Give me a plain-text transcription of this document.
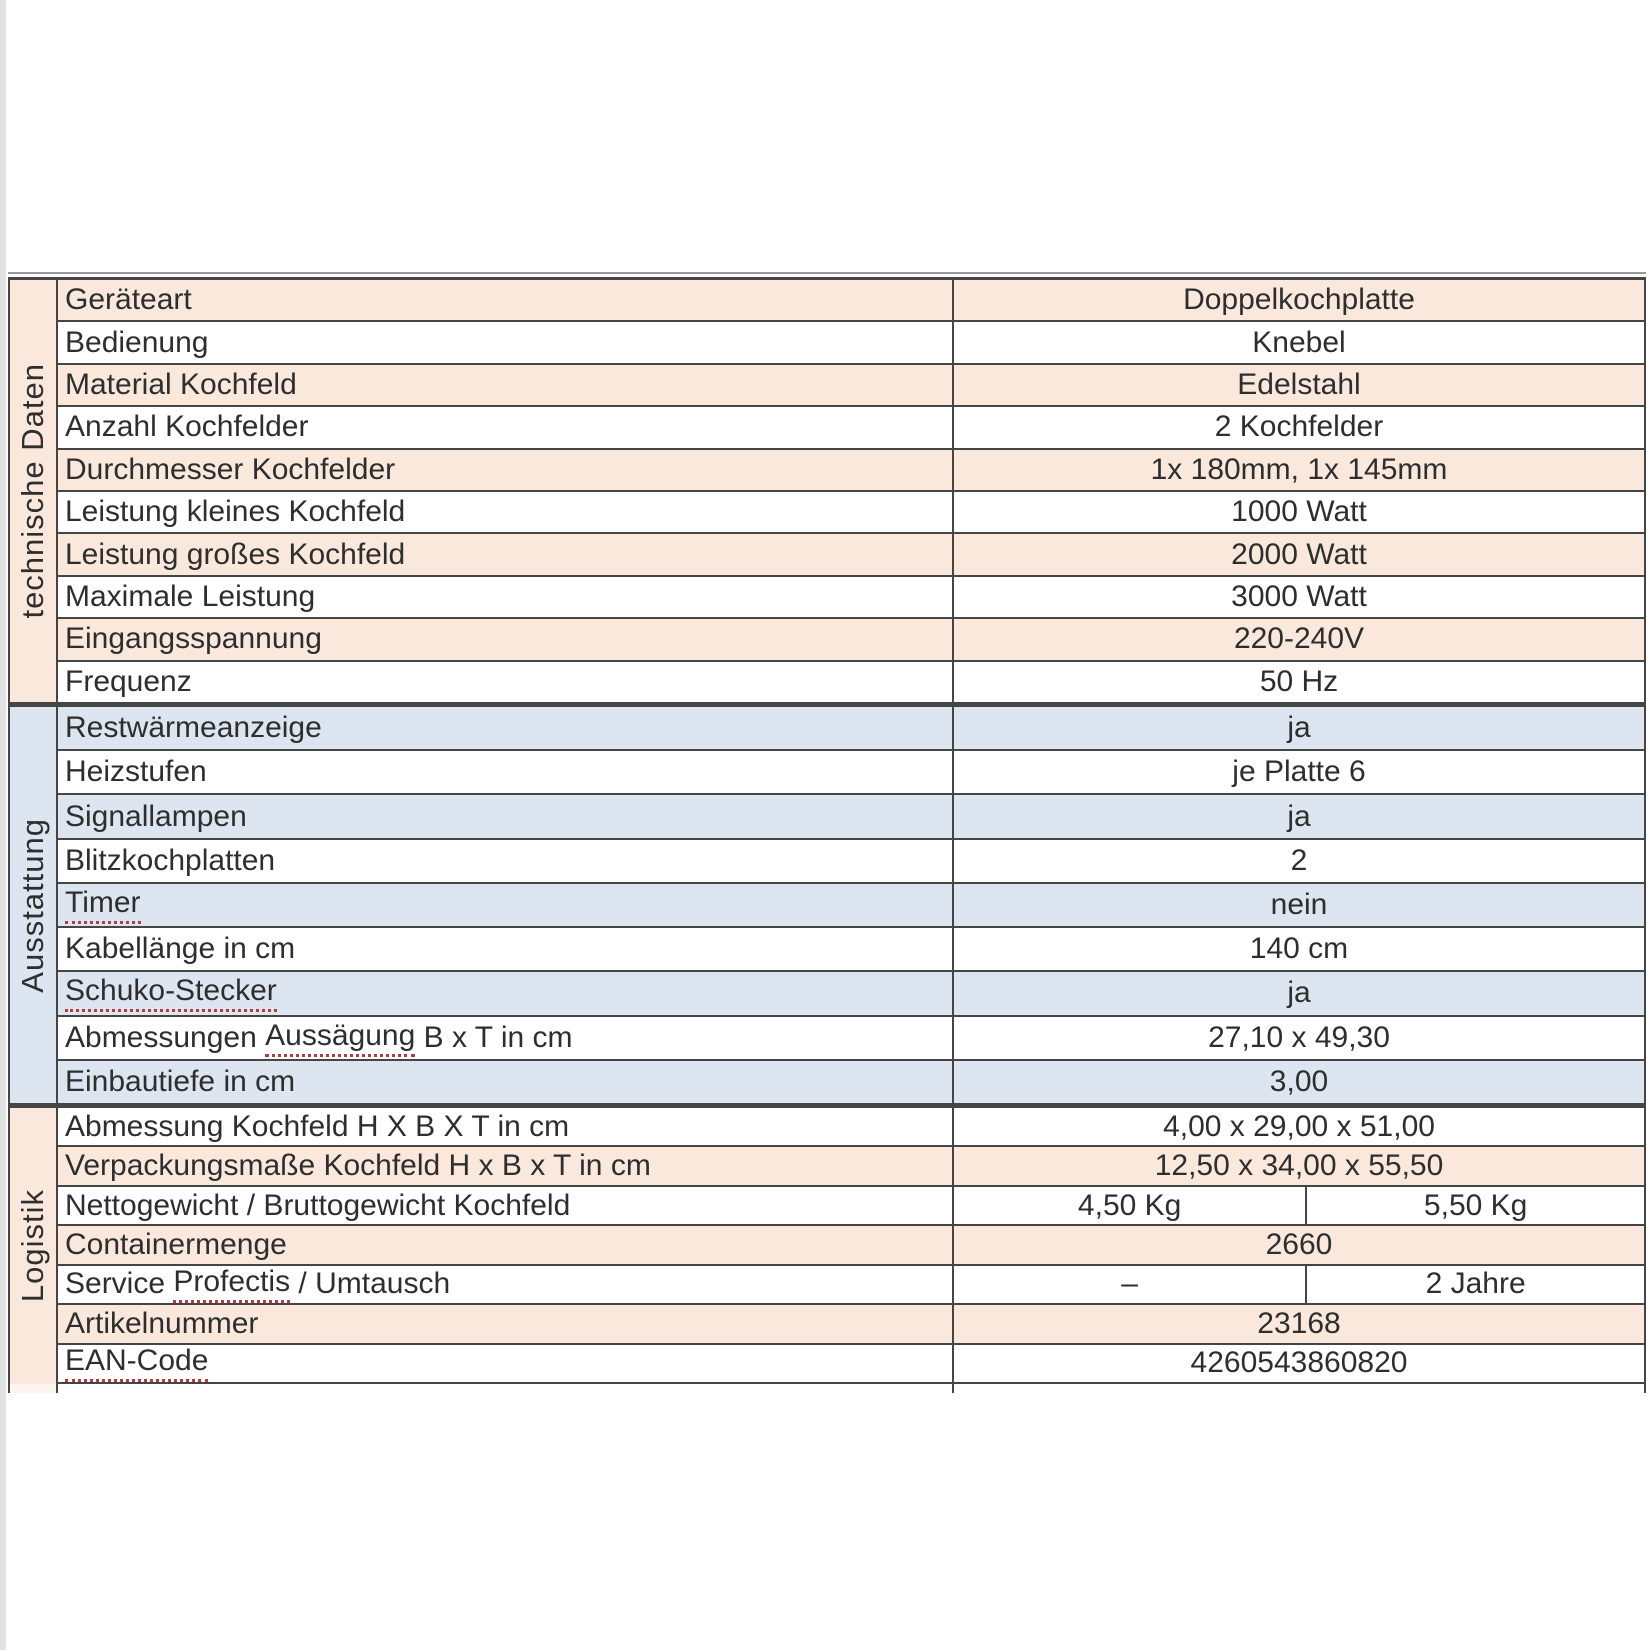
technische Daten
Geräteart	Doppelkochplatte
Bedienung	Knebel
Material Kochfeld	Edelstahl
Anzahl Kochfelder	2 Kochfelder
Durchmesser Kochfelder	1x 180mm, 1x 145mm
Leistung kleines Kochfeld	1000 Watt
Leistung großes Kochfeld	2000 Watt
Maximale Leistung	3000 Watt
Eingangsspannung	220-240V
Frequenz	50 Hz
Ausstattung
Restwärmeanzeige	ja
Heizstufen	je Platte 6
Signallampen	ja
Blitzkochplatten	2
Timer	nein
Kabellänge in cm	140 cm
Schuko-Stecker	ja
Abmessungen Aussägung B x T in cm	27,10 x 49,30
Einbautiefe in cm	3,00
Logistik
Abmessung Kochfeld H X B X T in cm	4,00 x 29,00 x 51,00
Verpackungsmaße Kochfeld H x B x T in cm	12,50 x 34,00 x 55,50
Nettogewicht / Bruttogewicht Kochfeld	4,50 Kg	5,50 Kg
Containermenge	2660
Service Profectis / Umtausch	–	2 Jahre
Artikelnummer	23168
EAN-Code	4260543860820
